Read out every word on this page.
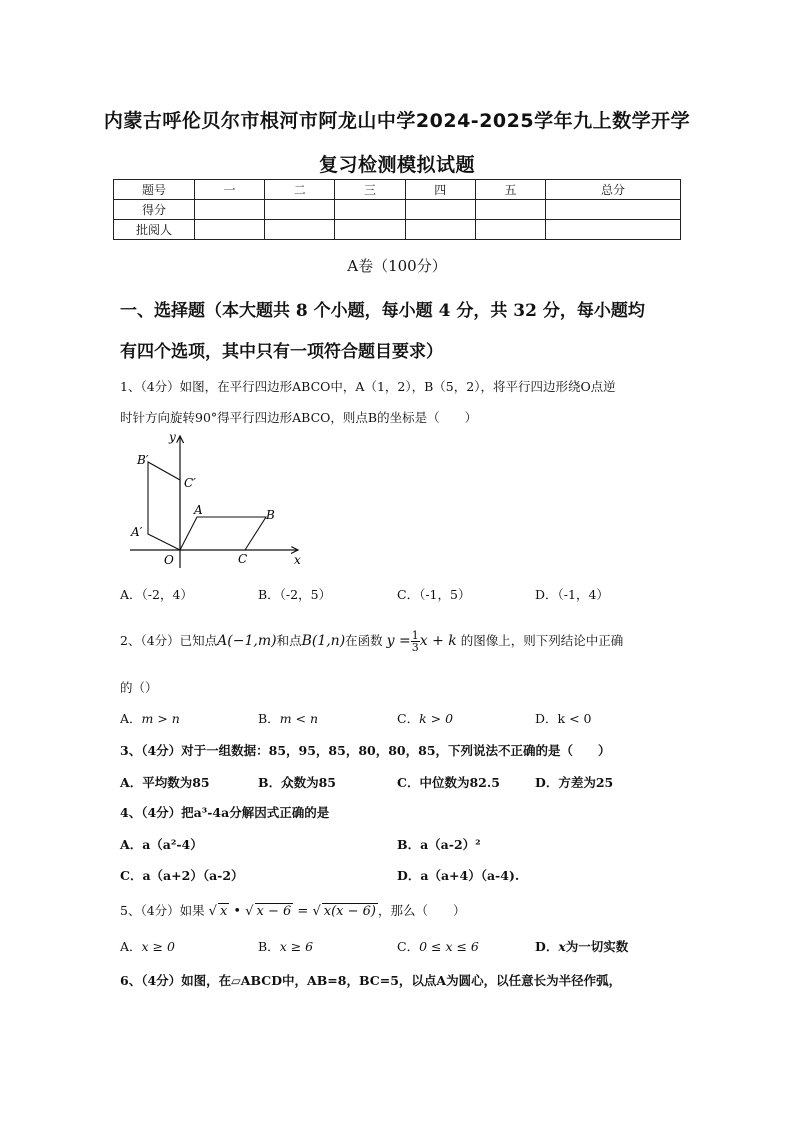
内蒙古呼伦贝尔市根河市阿龙山中学2024-2025学年九上数学开学
复习检测模拟试题
题号	一	二	三	四	五	总分
得分						
批阅人						
A卷（100分）
一、选择题（本大题共 8 个小题，每小题 4 分，共 32 分，每小题均
有四个选项，其中只有一项符合题目要求）
1、（4分）如图，在平行四边形ABCO中，A（1，2），B（5，2），将平行四边形绕O点逆
时针方向旋转90°得平行四边形ABCO，则点B的坐标是（　　）
y
x
O
A	B
C
A′
B′
C′
A．（-2，4）	B．（-2，5）	C．（-1，5）	D．（-1，4）
2、（4分）已知点A(−1,m)和点B(1,n)在函数 $y = \frac{1}{3}$ x + k 的图像上，则下列结论中正确
的（）
A．m > n	B．m < n	C．k > 0	D．k < 0
3、（4分）对于一组数据：85，95，85，80，80，85，下列说法不正确的是（　　）
A．平均数为85	B．众数为85	C．中位数为82.5	D．方差为25
4、（4分）把a³-4a分解因式正确的是
A．a（a²-4）	B．a（a-2）²
C．a（a+2）（a-2）	D．a（a+4）（a-4).
5、（4分）如果 √ x • √ x − 6 = √ x(x − 6) ，那么（　　）
A．x ≥ 0	B．x ≥ 6	C．0 ≤ x ≤ 6	D．x为一切实数
6、（4分）如图，在▱ABCD中，AB=8，BC=5，以点A为圆心，以任意长为半径作弧，
